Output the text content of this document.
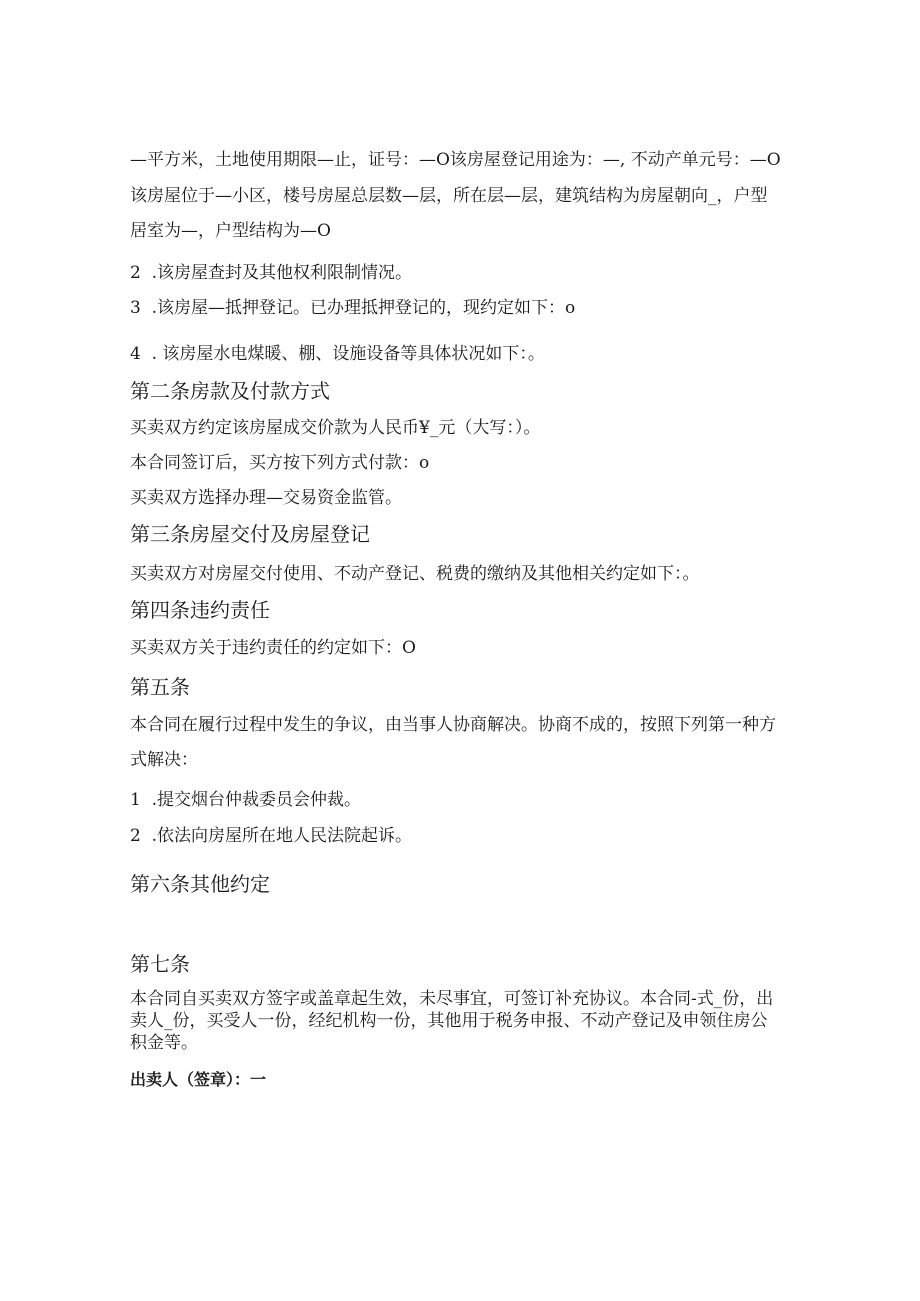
—平方米，土地使用期限—止，证号：—O该房屋登记用途为：—, 不动产单元号：—O
该房屋位于—小区，楼号房屋总层数—层，所在层—层，建筑结构为房屋朝向_，户型
居室为—，户型结构为—O
2  .该房屋查封及其他权利限制情况。
3  .该房屋—抵押登记。已办理抵押登记的，现约定如下：o
4  . 该房屋水电煤暖、棚、设施设备等具体状况如下：。
第二条房款及付款方式
买卖双方约定该房屋成交价款为人民币¥_元（大写：）。
本合同签订后，买方按下列方式付款：o
买卖双方选择办理—交易资金监管。
第三条房屋交付及房屋登记
买卖双方对房屋交付使用、不动产登记、税费的缴纳及其他相关约定如下：。
第四条违约责任
买卖双方关于违约责任的约定如下：O
第五条
本合同在履行过程中发生的争议，由当事人协商解决。协商不成的，按照下列第一种方
式解决：
1  .提交烟台仲裁委员会仲裁。
2  .依法向房屋所在地人民法院起诉。
第六条其他约定
第七条
本合同自买卖双方签字或盖章起生效，未尽事宜，可签订补充协议。本合同-式_份，出
卖人_份，买受人一份，经纪机构一份，其他用于税务申报、不动产登记及申领住房公
积金等。
出卖人（签章）：一
